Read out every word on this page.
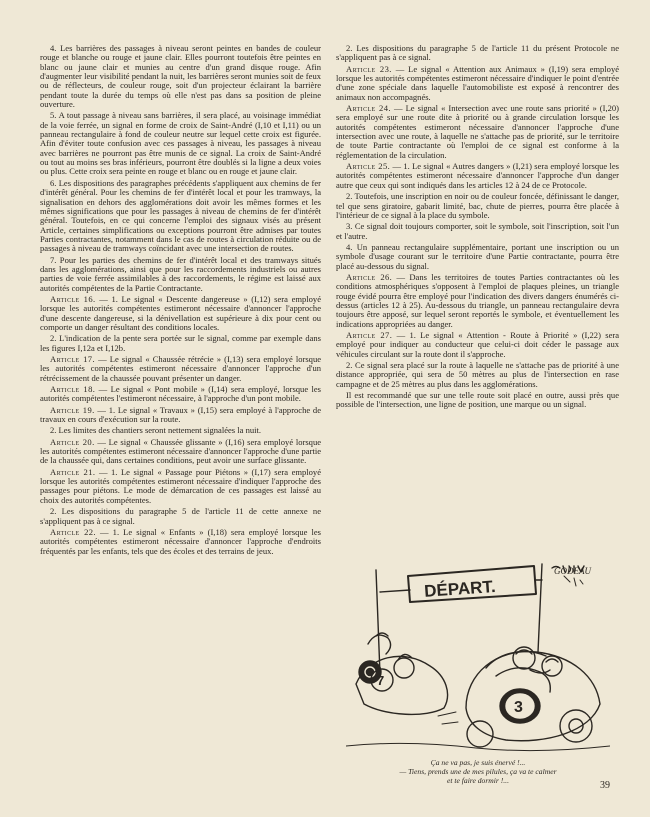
4. Les barrières des passages à niveau seront peintes en bandes de couleur rouge et blanche ou rouge et jaune clair. Elles pourront toutefois être peintes en blanc ou jaune clair et munies au centre d'un grand disque rouge. Afin d'augmenter leur visibilité pendant la nuit, les barrières seront munies soit de feux ou de réflecteurs, de couleur rouge, soit d'un projecteur éclairant la barrière pendant toute la durée du temps où elle n'est pas dans sa position de pleine ouverture.

5. A tout passage à niveau sans barrières, il sera placé, au voisinage immédiat de la voie ferrée, un signal en forme de croix de Saint-André (I,10 et I,11) ou un panneau rectangulaire à fond de couleur neutre sur lequel cette croix est figurée. Afin d'éviter toute confusion avec ces passages à niveau, les passages à niveau avec barrières ne pourront pas être munis de ce signal. La croix de Saint-André ou tout au moins ses bras inférieurs, pourront être doublés si la ligne a deux voies ou plus. Cette croix sera peinte en rouge et blanc ou en rouge et jaune clair.

6. Les dispositions des paragraphes précédents s'appliquent aux chemins de fer d'intérêt général. Pour les chemins de fer d'intérêt local et pour les tramways, la signalisation en dehors des agglomérations doit avoir les mêmes formes et les mêmes significations que pour les passages à niveau de chemins de fer d'intérêt général. Toutefois, en ce qui concerne l'emploi des signaux visés au présent Article, certaines simplifications ou exceptions pourront être admises par toutes Parties contractantes, notamment dans le cas de routes à circulation réduite ou de passages à niveau de tramways coïncidant avec une intersection de routes.

7. Pour les parties des chemins de fer d'intérêt local et des tramways situés dans les agglomérations, ainsi que pour les raccordements industriels ou autres parties de voie ferrée assimilables à des raccordements, le régime est laissé aux autorités compétentes de la Partie Contractante.

Article 16. — 1. Le signal « Descente dangereuse » (I,12) sera employé lorsque les autorités compétentes estimeront nécessaire d'annoncer l'approche d'une descente dangereuse, si la dénivellation est supérieure à dix pour cent ou comporte un danger résultant des conditions locales.

2. L'indication de la pente sera portée sur le signal, comme par exemple dans les figures I,12a et I,12b.

Article 17. — Le signal « Chaussée rétrécie » (I,13) sera employé lorsque les autorités compétentes estimeront nécessaire d'annoncer l'approche d'un rétrécissement de la chaussée pouvant présenter un danger.

Article 18. — Le signal « Pont mobile » (I,14) sera employé, lorsque les autorités compétentes l'estimeront nécessaire, à l'approche d'un pont mobile.

Article 19. — 1. Le signal « Travaux » (I,15) sera employé à l'approche de travaux en cours d'exécution sur la route.

2. Les limites des chantiers seront nettement signalées la nuit.

Article 20. — Le signal « Chaussée glissante » (I,16) sera employé lorsque les autorités compétentes estimeront nécessaire d'annoncer l'approche d'une partie de la chaussée qui, dans certaines conditions, peut avoir une surface glissante.

Article 21. — 1. Le signal « Passage pour Piétons » (I,17) sera employé lorsque les autorités compétentes estimeront nécessaire d'indiquer l'approche des passages pour piétons. Le mode de démarcation de ces passages est laissé au choix des autorités compétentes.

2. Les dispositions du paragraphe 5 de l'article 11 de cette annexe ne s'appliquent pas à ce signal.

Article 22. — 1. Le signal « Enfants » (I,18) sera employé lorsque les autorités compétentes estimeront nécessaire d'annoncer l'approche d'endroits fréquentés par les enfants, tels que des écoles et des terrains de jeux.

2. Les dispositions du paragraphe 5 de l'article 11 du présent Protocole ne s'appliquent pas à ce signal.

Article 23. — Le signal « Attention aux Animaux » (I,19) sera employé lorsque les autorités compétentes estimeront nécessaire d'indiquer le point d'entrée d'une zone spéciale dans laquelle l'automobiliste est exposé à rencontrer des animaux non accompagnés.

Article 24. — Le signal « Intersection avec une route sans priorité » (I,20) sera employé sur une route dite à priorité ou à grande circulation lorsque les autorités compétentes estimeront nécessaire d'annoncer l'approche d'une intersection avec une route, à laquelle ne s'attache pas de priorité, sur le territoire de toute Partie contractante où l'emploi de ce signal est conforme à la réglementation de la circulation.

Article 25. — 1. Le signal « Autres dangers » (I,21) sera employé lorsque les autorités compétentes estimeront nécessaire d'annoncer l'approche d'un danger autre que ceux qui sont indiqués dans les articles 12 à 24 de ce Protocole.

2. Toutefois, une inscription en noir ou de couleur foncée, définissant le danger, tel que sens giratoire, gabarit limité, bac, chute de pierres, pourra être placée à l'intérieur de ce signal à la place du symbole.

3. Ce signal doit toujours comporter, soit le symbole, soit l'inscription, soit l'un et l'autre.

4. Un panneau rectangulaire supplémentaire, portant une inscription ou un symbole d'usage courant sur le territoire d'une Partie contractante, pourra être placé au-dessous du signal.

Article 26. — Dans les territoires de toutes Parties contractantes où les conditions atmosphériques s'opposent à l'emploi de plaques pleines, un triangle rouge évidé pourra être employé pour l'indication des divers dangers énumérés ci-dessus (articles 12 à 25). Au-dessous du triangle, un panneau rectangulaire devra toujours être apposé, sur lequel seront reportés le symbole, et éventuellement les indications appropriées au danger.

Article 27. — 1. Le signal « Attention - Route à Priorité » (I,22) sera employé pour indiquer au conducteur que celui-ci doit céder le passage aux véhicules circulant sur la route dont il s'approche.

2. Ce signal sera placé sur la route à laquelle ne s'attache pas de priorité à une distance appropriée, qui sera de 50 mètres au plus de l'intersection en rase campagne et de 25 mètres au plus dans les agglomérations.

Il est recommandé que sur une telle route soit placé en outre, aussi près que possible de l'intersection, une ligne de position, une marque ou un signal.

7
DÉPART.
3
GODEAU
Ça ne va pas, je suis énervé !...
— Tiens, prends une de mes pilules, ça va te calmer
et te faire dormir !...	39
